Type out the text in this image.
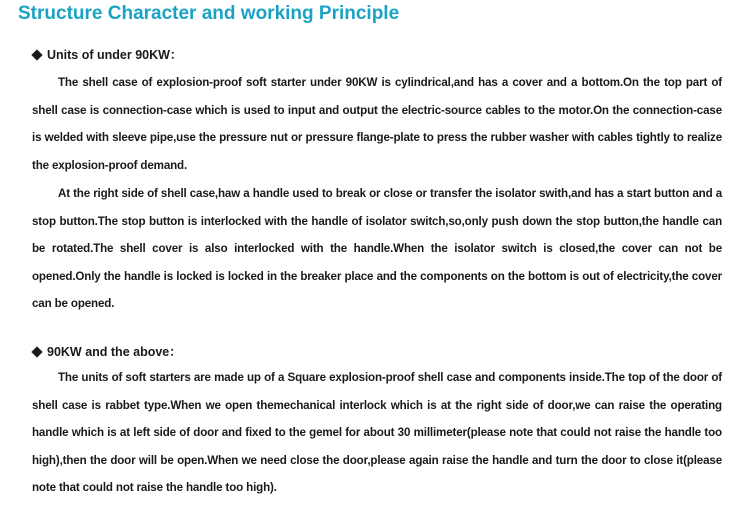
Structure Character and working Principle
Units of under 90KW：

The shell case of explosion-proof soft starter under 90KW is cylindrical,and has a cover and a bottom.On the top part of shell case is connection-case which is used to input and output the electric-source cables to the motor.On the connection-case is welded with sleeve pipe,use the pressure nut or pressure flange-plate to press the rubber washer with cables tightly to realize the explosion-proof demand.

At the right side of shell case,haw a handle used to break or close or transfer the isolator swith,and has a start button and a stop button.The stop button is interlocked with the handle of isolator switch,so,only push down the stop button,the handle can be rotated.The shell cover is also interlocked with the handle.When the isolator switch is closed,the cover can not be opened.Only the handle is locked is locked in the breaker place and the components on the bottom is out of electricity,the cover can be opened.

90KW and the above：

The units of soft starters are made up of a Square explosion-proof shell case and components inside.The top of the door of shell case is rabbet type.When we open themechanical interlock which is at the right side of door,we can raise the operating handle which is at left side of door and fixed to the gemel for about 30 millimeter(please note that could not raise the handle too high),then the door will be open.When we need close the door,please again raise the handle and turn the door to close it(please note that could not raise the handle too high).
